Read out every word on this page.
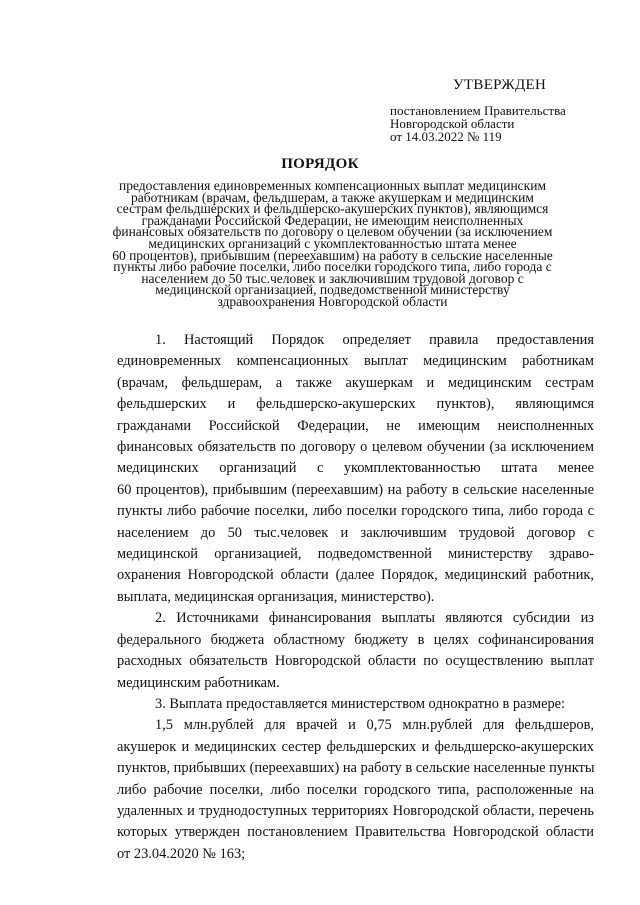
УТВЕРЖДЕН
постановлением Правительства
Новгородской области
от 14.03.2022 № 119
ПОРЯДОК
предоставления единовременных компенсационных выплат медицинским
работникам (врачам, фельдшерам, а также акушеркам и медицинским
сестрам фельдшерских и фельдшерско-акушерских пунктов), являющимся
гражданами Российской Федерации, не имеющим неисполненных
финансовых обязательств по договору о целевом обучении (за исключением
медицинских организаций с укомплектованностью штата менее
60 процентов), прибывшим (переехавшим) на работу в сельские населенные
пункты либо рабочие поселки, либо поселки городского типа, либо города с
населением до 50 тыс.человек и заключившим трудовой договор с
медицинской организацией, подведомственной министерству
здравоохранения Новгородской области

1. Настоящий Порядок определяет правила предоставления
единовременных компенсационных выплат медицинским работникам
(врачам, фельдшерам, а также акушеркам и медицинским сестрам
фельдшерских и фельдшерско-акушерских пунктов), являющимся
гражданами Российской Федерации, не имеющим неисполненных
финансовых обязательств по договору о целевом обучении (за исключением
медицинских организаций с укомплектованностью штата менее
60 процентов), прибывшим (переехавшим) на работу в сельские населенные
пункты либо рабочие поселки, либо поселки городского типа, либо города с
населением до 50 тыс.человек и заключившим трудовой договор с
медицинской организацией, подведомственной министерству здраво-
охранения Новгородской области (далее Порядок, медицинский работник,
выплата, медицинская организация, министерство).

2. Источниками финансирования выплаты являются субсидии из
федерального бюджета областному бюджету в целях софинансирования
расходных обязательств Новгородской области по осуществлению выплат
медицинским работникам.

3. Выплата предоставляется министерством однократно в размере:

1,5 млн.рублей для врачей и 0,75 млн.рублей для фельдшеров,
акушерок и медицинских сестер фельдшерских и фельдшерско-акушерских
пунктов, прибывших (переехавших) на работу в сельские населенные пункты
либо рабочие поселки, либо поселки городского типа, расположенные на
удаленных и труднодоступных территориях Новгородской области, перечень
которых утвержден постановлением Правительства Новгородской области
от 23.04.2020 № 163;
